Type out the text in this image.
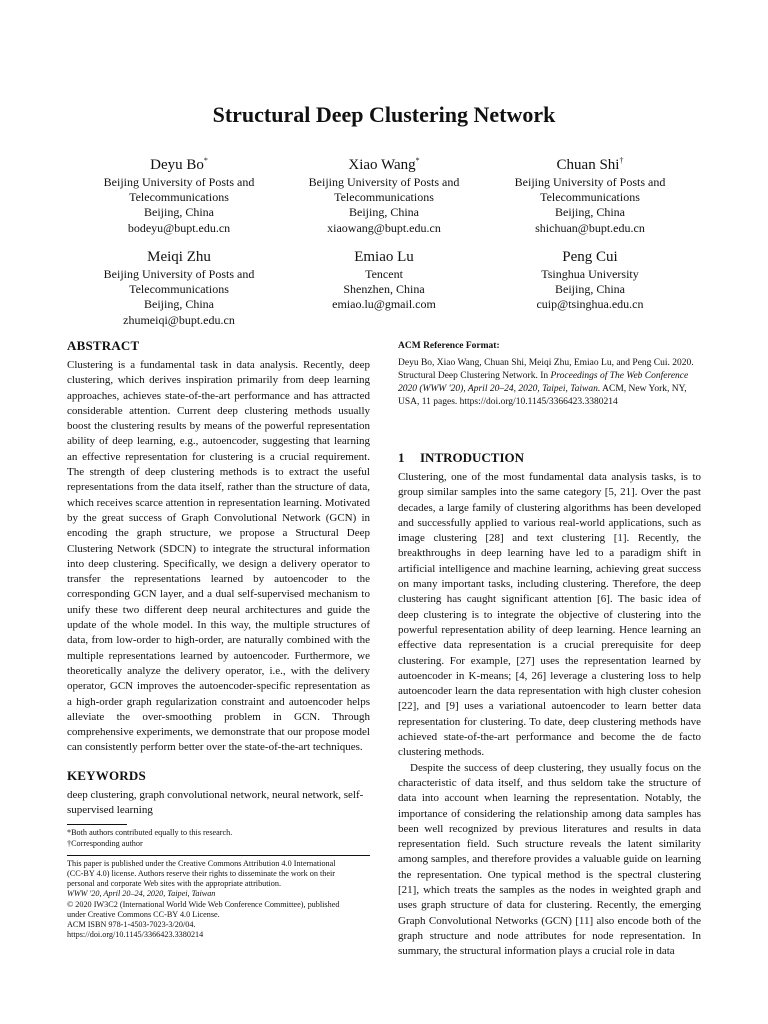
Structural Deep Clustering Network
Deyu Bo*
Beijing University of Posts and
Telecommunications
Beijing, China
bodeyu@bupt.edu.cn
Xiao Wang*
Beijing University of Posts and
Telecommunications
Beijing, China
xiaowang@bupt.edu.cn
Chuan Shi†
Beijing University of Posts and
Telecommunications
Beijing, China
shichuan@bupt.edu.cn
Meiqi Zhu
Beijing University of Posts and
Telecommunications
Beijing, China
zhumeiqi@bupt.edu.cn
Emiao Lu
Tencent
Shenzhen, China
emiao.lu@gmail.com
Peng Cui
Tsinghua University
Beijing, China
cuip@tsinghua.edu.cn
ABSTRACT
Clustering is a fundamental task in data analysis. Recently, deep clustering, which derives inspiration primarily from deep learning approaches, achieves state-of-the-art performance and has attracted considerable attention. Current deep clustering methods usually boost the clustering results by means of the powerful representation ability of deep learning, e.g., autoencoder, suggesting that learning an effective representation for clustering is a crucial requirement. The strength of deep clustering methods is to extract the useful representations from the data itself, rather than the structure of data, which receives scarce attention in representation learning. Motivated by the great success of Graph Convolutional Network (GCN) in encoding the graph structure, we propose a Structural Deep Clustering Network (SDCN) to integrate the structural information into deep clustering. Specifically, we design a delivery operator to transfer the representations learned by autoencoder to the corresponding GCN layer, and a dual self-supervised mechanism to unify these two different deep neural architectures and guide the update of the whole model. In this way, the multiple structures of data, from low-order to high-order, are naturally combined with the multiple representations learned by autoencoder. Furthermore, we theoretically analyze the delivery operator, i.e., with the delivery operator, GCN improves the autoencoder-specific representation as a high-order graph regularization constraint and autoencoder helps alleviate the over-smoothing problem in GCN. Through comprehensive experiments, we demonstrate that our propose model can consistently perform better over the state-of-the-art techniques.
KEYWORDS
deep clustering, graph convolutional network, neural network, self-supervised learning
*Both authors contributed equally to this research.
†Corresponding author
This paper is published under the Creative Commons Attribution 4.0 International
(CC-BY 4.0) license. Authors reserve their rights to disseminate the work on their
personal and corporate Web sites with the appropriate attribution.
WWW '20, April 20–24, 2020, Taipei, Taiwan
© 2020 IW3C2 (International World Wide Web Conference Committee), published
under Creative Commons CC-BY 4.0 License.
ACM ISBN 978-1-4503-7023-3/20/04.
https://doi.org/10.1145/3366423.3380214
ACM Reference Format:
Deyu Bo, Xiao Wang, Chuan Shi, Meiqi Zhu, Emiao Lu, and Peng Cui. 2020. Structural Deep Clustering Network. In Proceedings of The Web Conference 2020 (WWW '20), April 20–24, 2020, Taipei, Taiwan. ACM, New York, NY, USA, 11 pages. https://doi.org/10.1145/3366423.3380214
1 INTRODUCTION

Clustering, one of the most fundamental data analysis tasks, is to group similar samples into the same category [5, 21]. Over the past decades, a large family of clustering algorithms has been developed and successfully applied to various real-world applications, such as image clustering [28] and text clustering [1]. Recently, the breakthroughs in deep learning have led to a paradigm shift in artificial intelligence and machine learning, achieving great success on many important tasks, including clustering. Therefore, the deep clustering has caught significant attention [6]. The basic idea of deep clustering is to integrate the objective of clustering into the powerful representation ability of deep learning. Hence learning an effective data representation is a crucial prerequisite for deep clustering. For example, [27] uses the representation learned by autoencoder in K-means; [4, 26] leverage a clustering loss to help autoencoder learn the data representation with high cluster cohesion [22], and [9] uses a variational autoencoder to learn better data representation for clustering. To date, deep clustering methods have achieved state-of-the-art performance and become the de facto clustering methods.

Despite the success of deep clustering, they usually focus on the characteristic of data itself, and thus seldom take the structure of data into account when learning the representation. Notably, the importance of considering the relationship among data samples has been well recognized by previous literatures and results in data representation field. Such structure reveals the latent similarity among samples, and therefore provides a valuable guide on learning the representation. One typical method is the spectral clustering [21], which treats the samples as the nodes in weighted graph and uses graph structure of data for clustering. Recently, the emerging Graph Convolutional Networks (GCN) [11] also encode both of the graph structure and node attributes for node representation. In summary, the structural information plays a crucial role in data
